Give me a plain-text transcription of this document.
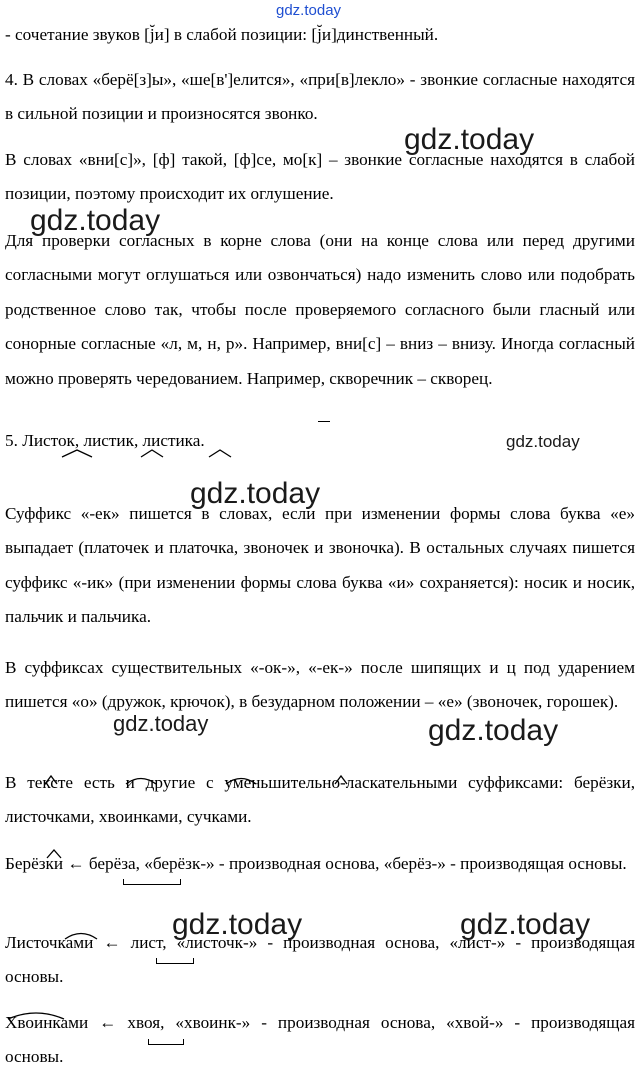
gdz.today

- сочетание звуков [j̆и] в слабой позиции: [j̆и]динственный.

4. В словах «берё[з]ы», «ше[в']елится», «при[в]лекло» - звонкие согласные находятся в сильной позиции и произносятся звонко.

В словах «вни[с]», [ф] такой, [ф]се, мо[к] – звонкие согласные находятся в слабой позиции, поэтому происходит их оглушение.

Для проверки согласных в корне слова (они на конце слова или перед другими согласными могут оглушаться или озвончаться) надо изменить слово или подобрать родственное слово так, чтобы после проверяемого согласного были гласный или сонорные согласные «л, м, н, р». Например, вни[с] – вниз – внизу. Иногда согласный можно проверять чередованием. Например, скворечник – скворец.

5. Листок, листик, листика.

Суффикс «-ек» пишется в словах, если при изменении формы слова буква «е» выпадает (платочек и платочка, звоночек и звоночка). В остальных случаях пишется суффикс «-ик» (при изменении формы слова буква «и» сохраняется): носик и носик, пальчик и пальчика.

В суффиксах существительных «-ок-», «-ек-» после шипящих и ц под ударением пишется «о» (дружок, крючок), в безударном положении – «е» (звоночек, горошек).

В тексте есть и другие с уменьшительно-ласкательными суффиксами: берёзки, листочками, хвоинками, сучками.

Берёзки ← берёза, «берёзк-» - производная основа, «берёз-» - производящая основы.

Листочками ← лист, «листочк-» - производная основа, «лист-» - производящая основы.

Хвоинками ← хвоя, «хвоинк-» - производная основа, «хвой-» - производящая основы.

gdz.today
gdz.today
gdz.today
gdz.today
gdz.today	gdz.today
gdz.today	gdz.today
